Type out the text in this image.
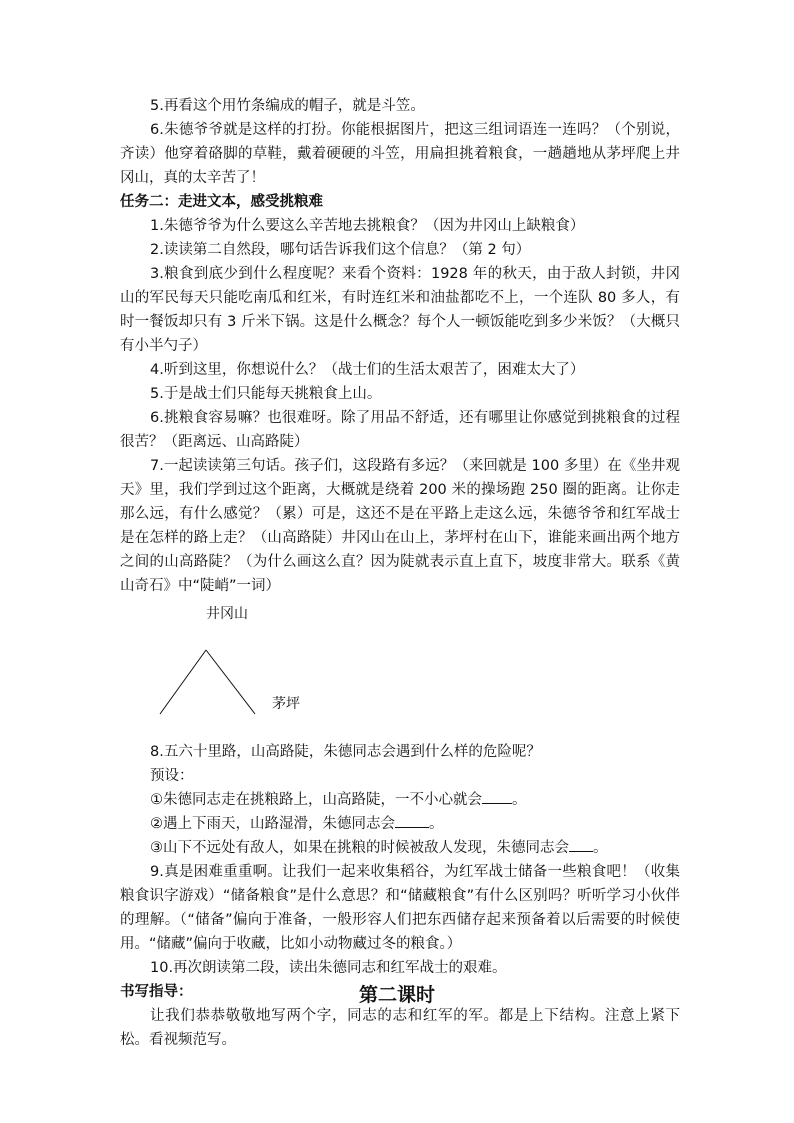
5.再看这个用竹条编成的帽子，就是斗笠。

6.朱德爷爷就是这样的打扮。你能根据图片，把这三组词语连一连吗？（个别说，齐读）他穿着硌脚的草鞋，戴着硬硬的斗笠，用扁担挑着粮食，一趟趟地从茅坪爬上井冈山，真的太辛苦了！

任务二：走进文本，感受挑粮难

1.朱德爷爷为什么要这么辛苦地去挑粮食？（因为井冈山上缺粮食）

2.读读第二自然段，哪句话告诉我们这个信息？（第 2 句）

3.粮食到底少到什么程度呢？来看个资料：1928 年的秋天，由于敌人封锁，井冈山的军民每天只能吃南瓜和红米，有时连红米和油盐都吃不上，一个连队 80 多人，有时一餐饭却只有 3 斤米下锅。这是什么概念？每个人一顿饭能吃到多少米饭？（大概只有小半勺子）

4.听到这里，你想说什么？（战士们的生活太艰苦了，困难太大了）

5.于是战士们只能每天挑粮食上山。

6.挑粮食容易嘛？也很难呀。除了用品不舒适，还有哪里让你感觉到挑粮食的过程很苦？（距离远、山高路陡）

7.一起读读第三句话。孩子们，这段路有多远？（来回就是 100 多里）在《坐井观天》里，我们学到过这个距离，大概就是绕着 200 米的操场跑 250 圈的距离。让你走那么远，有什么感觉？（累）可是，这还不是在平路上走这么远，朱德爷爷和红军战士是在怎样的路上走？（山高路陡）井冈山在山上，茅坪村在山下，谁能来画出两个地方之间的山高路陡？（为什么画这么直？因为陡就表示直上直下，坡度非常大。联系《黄山奇石》中“陡峭”一词）

井冈山
茅坪

8.五六十里路，山高路陡，朱德同志会遇到什么样的危险呢？

预设：

①朱德同志走在挑粮路上，山高路陡，一不小心就会 。

②遇上下雨天，山路湿滑，朱德同志会 。

③山下不远处有敌人，如果在挑粮的时候被敌人发现，朱德同志会 。

9.真是困难重重啊。让我们一起来收集稻谷，为红军战士储备一些粮食吧！（收集粮食识字游戏）“储备粮食”是什么意思？和“储藏粮食”有什么区别吗？听听学习小伙伴的理解。（“储备”偏向于准备，一般形容人们把东西储存起来预备着以后需要的时候使用。“储藏”偏向于收藏，比如小动物藏过冬的粮食。）

10.再次朗读第二段，读出朱德同志和红军战士的艰难。

书写指导：

让我们恭恭敬敬地写两个字，同志的志和红军的军。都是上下结构。注意上紧下松。看视频范写。

第二课时
